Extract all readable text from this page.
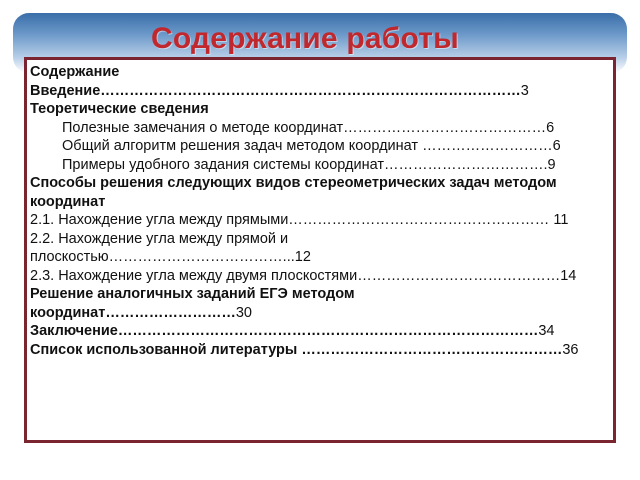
Содержание работы
Содержание
Введение……………………………………………………………………………3
Теоретические сведения
Полезные замечания о методе координат……………………………………6
Общий алгоритм решения задач методом координат ………………………6
Примеры удобного задания системы координат…………………………….9
Способы решения следующих видов стереометрических задач методом координат
2.1. Нахождение угла между прямыми……………………………………………… 11
2.2. Нахождение угла между прямой и плоскостью………………………………...12
2.3. Нахождение угла между двумя плоскостями……………………………………14
Решение аналогичных заданий ЕГЭ методом координат………………………30
Заключение……………………………………………………………………………34
Список использованной литературы ………………………………………………36
